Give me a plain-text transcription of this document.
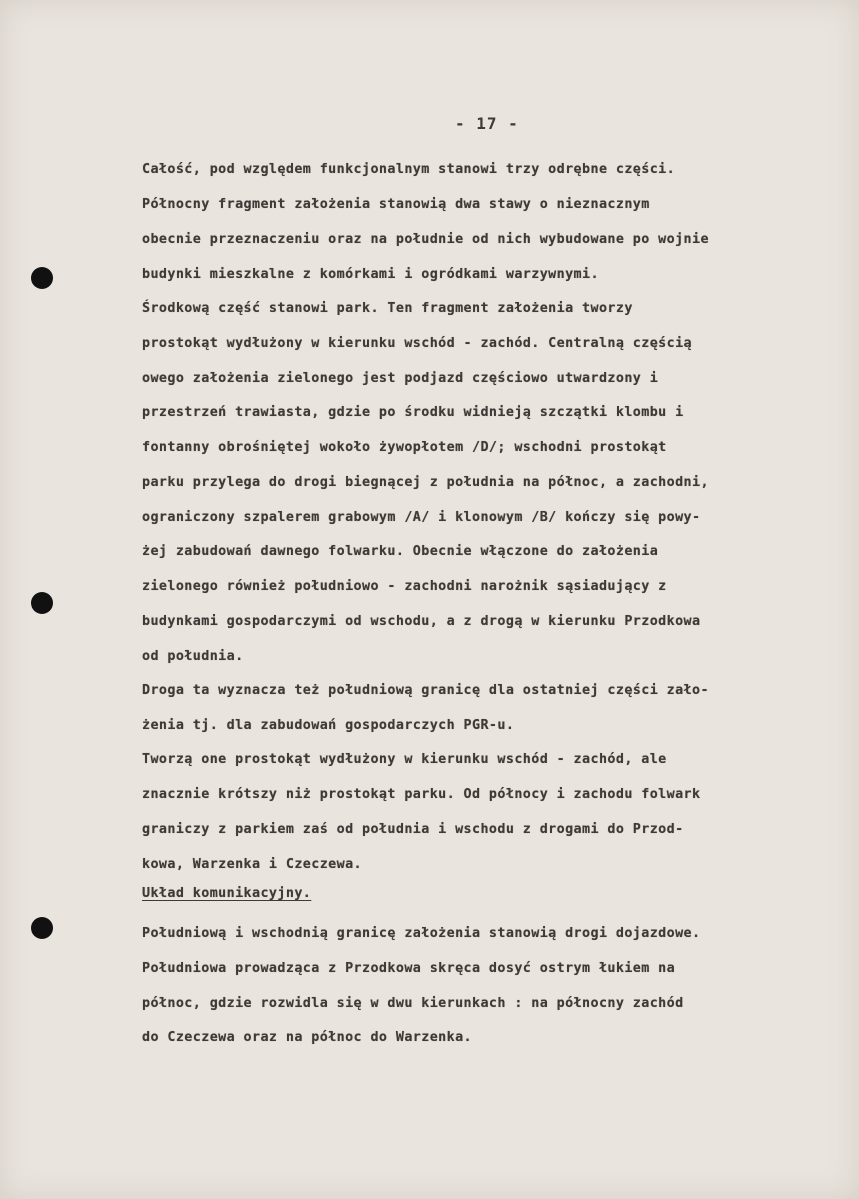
- 17 -
Całość, pod względem funkcjonalnym stanowi trzy odrębne części.
Północny fragment założenia stanowią dwa stawy o nieznacznym
obecnie przeznaczeniu oraz na południe od nich wybudowane po wojnie
budynki mieszkalne z komórkami i ogródkami warzywnymi.
Środkową część stanowi park. Ten fragment założenia tworzy
prostokąt wydłużony w kierunku wschód - zachód. Centralną częścią
owego założenia zielonego jest podjazd częściowo utwardzony i
przestrzeń trawiasta, gdzie po środku widnieją szczątki klombu i
fontanny obrośniętej wokoło żywopłotem /D/; wschodni prostokąt
parku przylega do drogi biegnącej z południa na północ, a zachodni,
ograniczony szpalerem grabowym /A/ i klonowym /B/ kończy się powy-
żej zabudowań dawnego folwarku. Obecnie włączone do założenia
zielonego również południowo - zachodni narożnik sąsiadujący z
budynkami gospodarczymi od wschodu, a z drogą w kierunku Przodkowa
od południa.
Droga ta wyznacza też południową granicę dla ostatniej części zało-
żenia tj. dla zabudowań gospodarczych PGR-u.
Tworzą one prostokąt wydłużony w kierunku wschód - zachód, ale
znacznie krótszy niż prostokąt parku. Od północy i zachodu folwark
graniczy z parkiem zaś od południa i wschodu z drogami do Przod-
kowa, Warzenka i Czeczewa.
Układ komunikacyjny.
Południową i wschodnią granicę założenia stanowią drogi dojazdowe.
Południowa prowadząca z Przodkowa skręca dosyć ostrym łukiem na
północ, gdzie rozwidla się w dwu kierunkach : na północny zachód
do Czeczewa oraz na północ do Warzenka.
